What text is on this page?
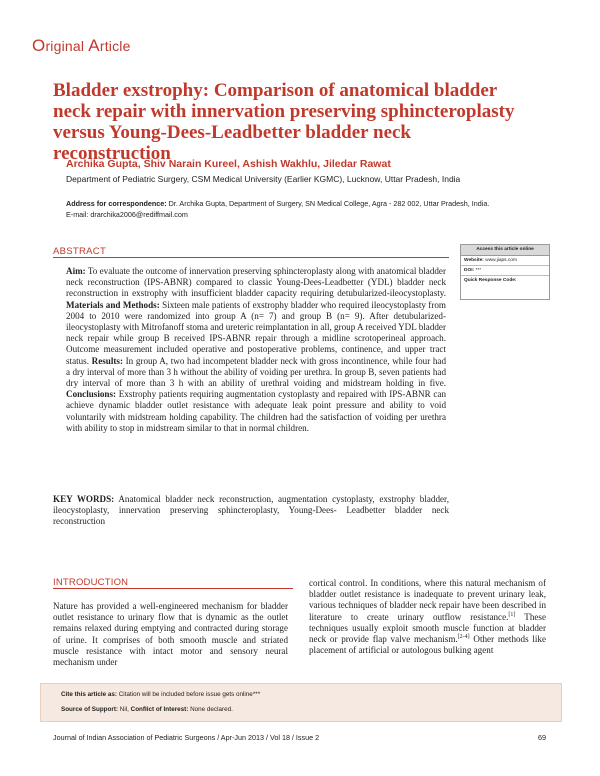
Original Article
Bladder exstrophy: Comparison of anatomical bladder neck repair with innervation preserving sphincteroplasty versus Young-Dees-Leadbetter bladder neck reconstruction
Archika Gupta, Shiv Narain Kureel, Ashish Wakhlu, Jiledar Rawat
Department of Pediatric Surgery, CSM Medical University (Earlier KGMC), Lucknow, Uttar Pradesh, India
Address for correspondence: Dr. Archika Gupta, Department of Surgery, SN Medical College, Agra - 282 002, Uttar Pradesh, India.
E-mail: drarchika2006@rediffmail.com
ABSTRACT
Aim: To evaluate the outcome of innervation preserving sphincteroplasty along with anatomical bladder neck reconstruction (IPS-ABNR) compared to classic Young-Dees-Leadbetter (YDL) bladder neck reconstruction in exstrophy with insufficient bladder capacity requiring detubularized-ileocystoplasty. Materials and Methods: Sixteen male patients of exstrophy bladder who required ileocystoplasty from 2004 to 2010 were randomized into group A (n= 7) and group B (n= 9). After detubularized-ileocystoplasty with Mitrofanoff stoma and ureteric reimplantation in all, group A received YDL bladder neck repair while group B received IPS-ABNR repair through a midline scrotoperineal approach. Outcome measurement included operative and postoperative problems, continence, and upper tract status. Results: In group A, two had incompetent bladder neck with gross incontinence, while four had a dry interval of more than 3 h without the ability of voiding per urethra. In group B, seven patients had dry interval of more than 3 h with an ability of urethral voiding and midstream holding in five. Conclusions: Exstrophy patients requiring augmentation cystoplasty and repaired with IPS-ABNR can achieve dynamic bladder outlet resistance with adequate leak point pressure and ability to void voluntarily with midstream holding capability. The children had the satisfaction of voiding per urethra with ability to stop in midstream similar to that in normal children.
KEY WORDS: Anatomical bladder neck reconstruction, augmentation cystoplasty, exstrophy bladder, ileocystoplasty, innervation preserving sphincteroplasty, Young-Dees- Leadbetter bladder neck reconstruction
Access this article online
Website: www.jiaps.com
DOI: ***
Quick Response Code:
INTRODUCTION
Nature has provided a well-engineered mechanism for bladder outlet resistance to urinary flow that is dynamic as the outlet remains relaxed during emptying and contracted during storage of urine. It comprises of both smooth muscle and striated muscle resistance with intact motor and sensory neural mechanism under
cortical control. In conditions, where this natural mechanism of bladder outlet resistance is inadequate to prevent urinary leak, various techniques of bladder neck repair have been described in literature to create urinary outflow resistance.[1] These techniques usually exploit smooth muscle function at bladder neck or provide flap valve mechanism.[2-4] Other methods like placement of artificial or autologous bulking agent
Cite this article as: Citation will be included before issue gets online***
Source of Support: Nil, Conflict of Interest: None declared.
Journal of Indian Association of Pediatric Surgeons / Apr-Jun 2013 / Vol 18 / Issue 2	69
